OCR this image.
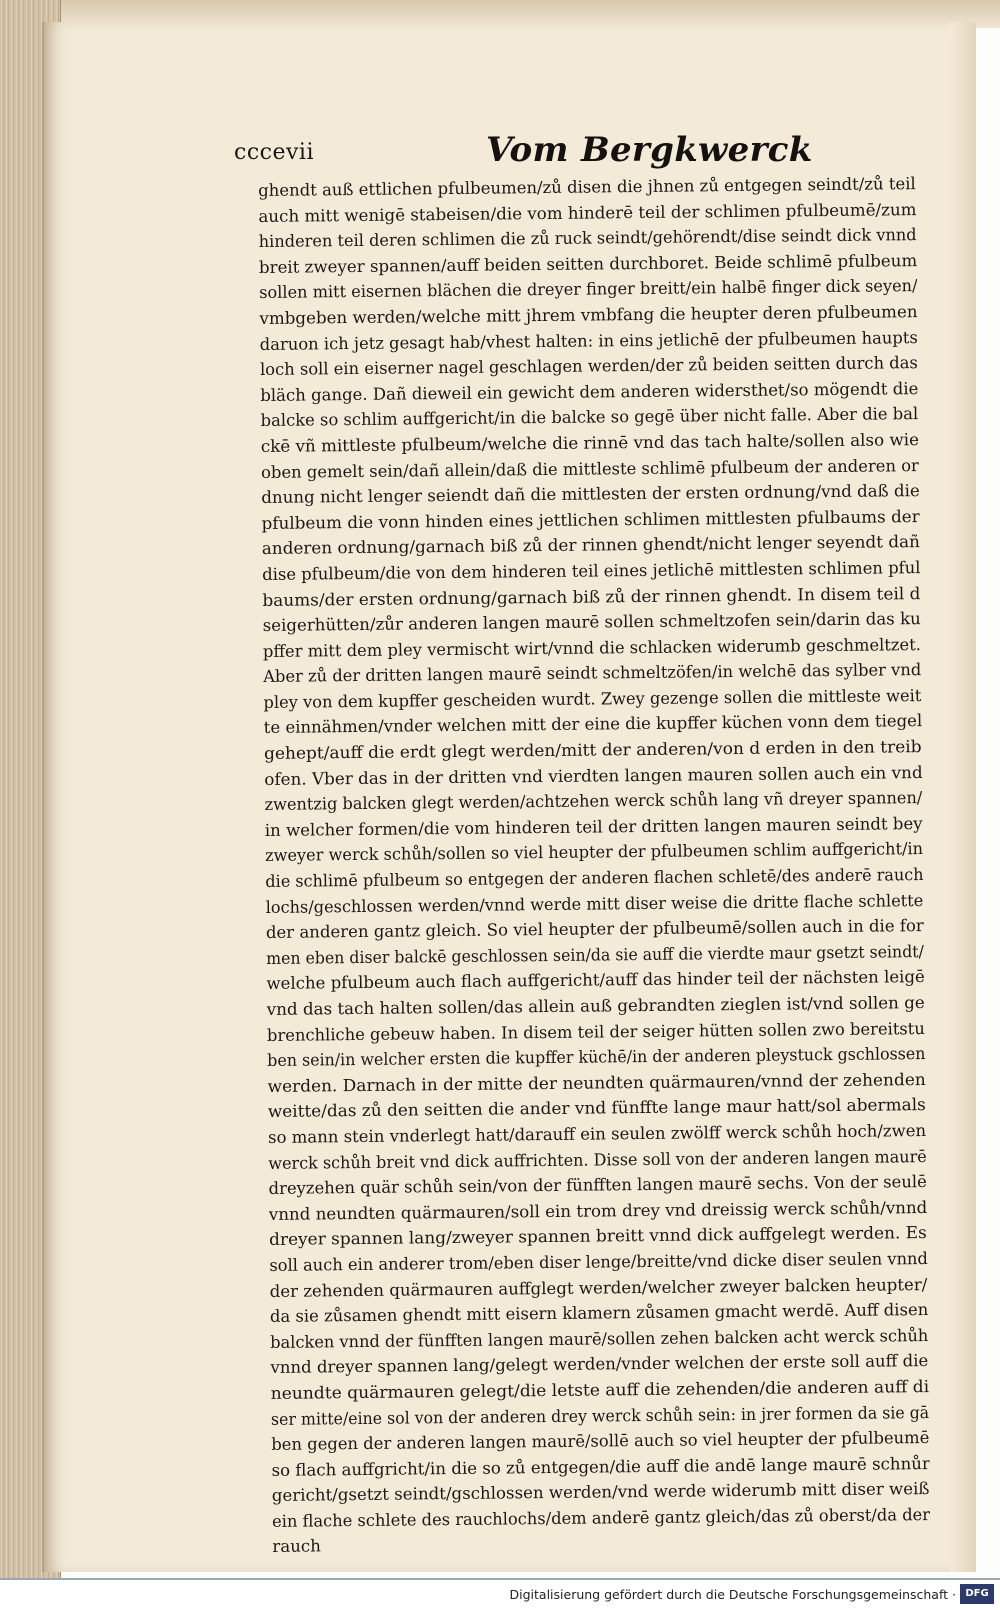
cccevii	Vom Bergkwerck
ghendt auß ettlichen pfulbeumen/zů disen die jhnen zů entgegen seindt/zů teil
auch mitt wenigē stabeisen/die vom hinderē teil der schlimen pfulbeumē/zum
hinderen teil deren schlimen die zů ruck seindt/gehörendt/dise seindt dick vnnd
breit zweyer spannen/auff beiden seitten durchboret. Beide schlimē pfulbeum
sollen mitt eisernen blächen die dreyer finger breitt/ein halbē finger dick seyen/
vmbgeben werden/welche mitt jhrem vmbfang die heupter deren pfulbeumen
daruon ich jetz gesagt hab/vhest halten: in eins jetlichē der pfulbeumen haupts
loch soll ein eiserner nagel geschlagen werden/der zů beiden seitten durch das
bläch gange. Dañ dieweil ein gewicht dem anderen widersthet/so mögendt die
balcke so schlim auffgericht/in die balcke so gegē über nicht falle. Aber die bal
ckē vñ mittleste pfulbeum/welche die rinnē vnd das tach halte/sollen also wie
oben gemelt sein/dañ allein/daß die mittleste schlimē pfulbeum der anderen or
dnung nicht lenger seiendt dañ die mittlesten der ersten ordnung/vnd daß die
pfulbeum die vonn hinden eines jettlichen schlimen mittlesten pfulbaums der
anderen ordnung/garnach biß zů der rinnen ghendt/nicht lenger seyendt dañ
dise pfulbeum/die von dem hinderen teil eines jetlichē mittlesten schlimen pful
baums/der ersten ordnung/garnach biß zů der rinnen ghendt. In disem teil d
seigerhütten/zůr anderen langen maurē sollen schmeltzofen sein/darin das ku
pffer mitt dem pley vermischt wirt/vnnd die schlacken widerumb geschmeltzet.
Aber zů der dritten langen maurē seindt schmeltzöfen/in welchē das sylber vnd
pley von dem kupffer gescheiden wurdt. Zwey gezenge sollen die mittleste weit
te einnähmen/vnder welchen mitt der eine die kupffer küchen vonn dem tiegel
gehept/auff die erdt glegt werden/mitt der anderen/von d erden in den treib
ofen. Vber das in der dritten vnd vierdten langen mauren sollen auch ein vnd
zwentzig balcken glegt werden/achtzehen werck schůh lang vñ dreyer spannen/
in welcher formen/die vom hinderen teil der dritten langen mauren seindt bey
zweyer werck schůh/sollen so viel heupter der pfulbeumen schlim auffgericht/in
die schlimē pfulbeum so entgegen der anderen flachen schletē/des anderē rauch
lochs/geschlossen werden/vnnd werde mitt diser weise die dritte flache schlette
der anderen gantz gleich. So viel heupter der pfulbeumē/sollen auch in die for
men eben diser balckē geschlossen sein/da sie auff die vierdte maur gsetzt seindt/
welche pfulbeum auch flach auffgericht/auff das hinder teil der nächsten leigē
vnd das tach halten sollen/das allein auß gebrandten zieglen ist/vnd sollen ge
brenchliche gebeuw haben. In disem teil der seiger hütten sollen zwo bereitstu
ben sein/in welcher ersten die kupffer küchē/in der anderen pleystuck gschlossen
werden. Darnach in der mitte der neundten quärmauren/vnnd der zehenden
weitte/das zů den seitten die ander vnd fünffte lange maur hatt/sol abermals
so mann stein vnderlegt hatt/darauff ein seulen zwölff werck schůh hoch/zwen
werck schůh breit vnd dick auffrichten. Disse soll von der anderen langen maurē
dreyzehen quär schůh sein/von der fünfften langen maurē sechs. Von der seulē
vnnd neundten quärmauren/soll ein trom drey vnd dreissig werck schůh/vnnd
dreyer spannen lang/zweyer spannen breitt vnnd dick auffgelegt werden. Es
soll auch ein anderer trom/eben diser lenge/breitte/vnd dicke diser seulen vnnd
der zehenden quärmauren auffglegt werden/welcher zweyer balcken heupter/
da sie zůsamen ghendt mitt eisern klamern zůsamen gmacht werdē. Auff disen
balcken vnnd der fünfften langen maurē/sollen zehen balcken acht werck schůh
vnnd dreyer spannen lang/gelegt werden/vnder welchen der erste soll auff die
neundte quärmauren gelegt/die letste auff die zehenden/die anderen auff di
ser mitte/eine sol von der anderen drey werck schůh sein: in jrer formen da sie gā
ben gegen der anderen langen maurē/sollē auch so viel heupter der pfulbeumē
so flach auffgricht/in die so zů entgegen/die auff die andē lange maurē schnůr
gericht/gsetzt seindt/gschlossen werden/vnd werde widerumb mitt diser weiß
ein flache schlete des rauchlochs/dem anderē gantz gleich/das zů oberst/da der
rauch
Digitalisierung gefördert durch die Deutsche Forschungsgemeinschaft · DFG
